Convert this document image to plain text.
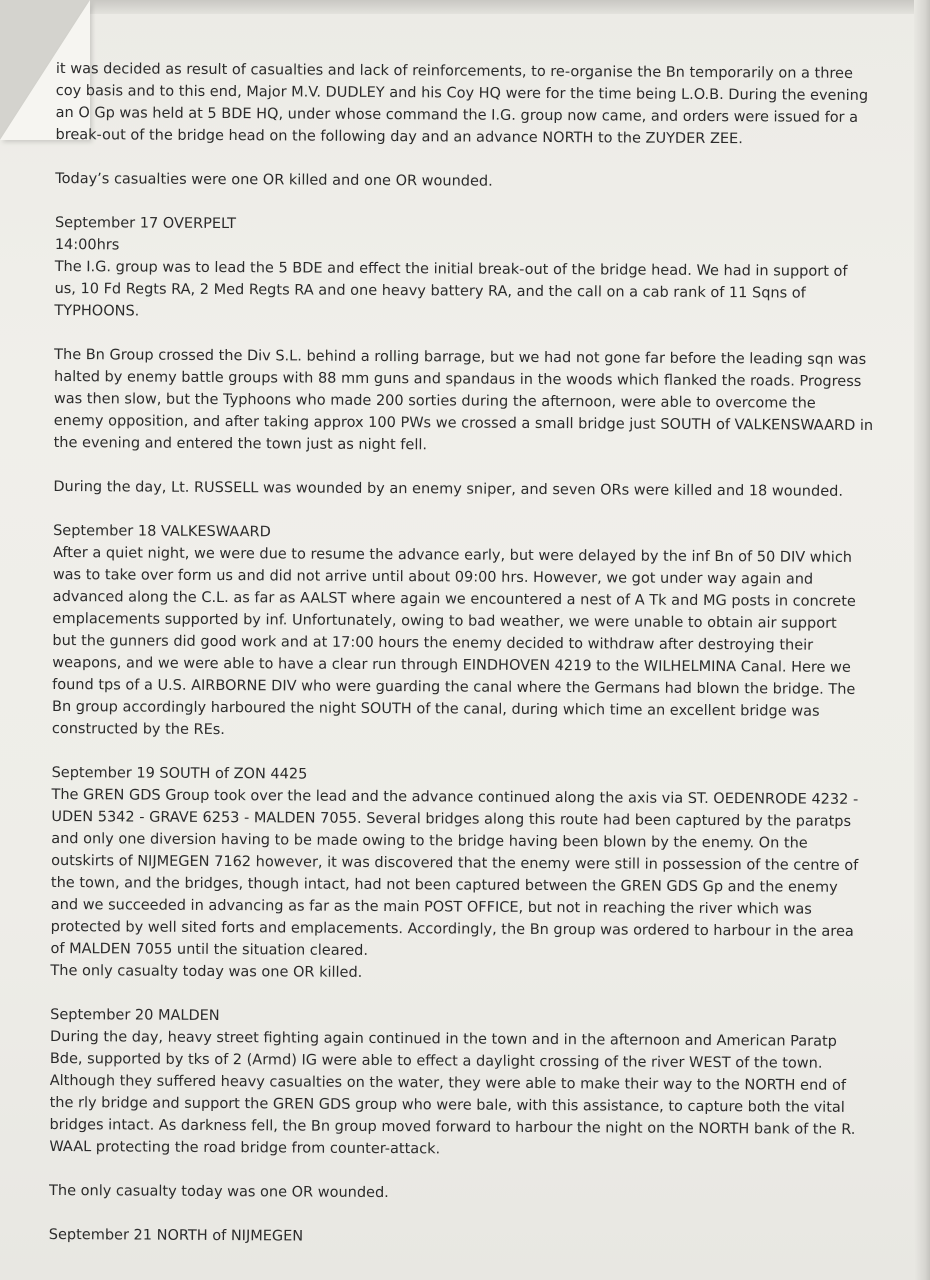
it was decided as result of casualties and lack of reinforcements, to re-organise the Bn temporarily on a three
coy basis and to this end, Major M.V. DUDLEY and his Coy HQ were for the time being L.O.B. During the evening
an O Gp was held at 5 BDE HQ, under whose command the I.G. group now came, and orders were issued for a
break-out of the bridge head on the following day and an advance NORTH to the ZUYDER ZEE.
Today’s casualties were one OR killed and one OR wounded.
September 17 OVERPELT
14:00hrs
The I.G. group was to lead the 5 BDE and effect the initial break-out of the bridge head. We had in support of
us, 10 Fd Regts RA, 2 Med Regts RA and one heavy battery RA, and the call on a cab rank of 11 Sqns of
TYPHOONS.
The Bn Group crossed the Div S.L. behind a rolling barrage, but we had not gone far before the leading sqn was
halted by enemy battle groups with 88 mm guns and spandaus in the woods which flanked the roads. Progress
was then slow, but the Typhoons who made 200 sorties during the afternoon, were able to overcome the
enemy opposition, and after taking approx 100 PWs we crossed a small bridge just SOUTH of VALKENSWAARD in
the evening and entered the town just as night fell.
During the day, Lt. RUSSELL was wounded by an enemy sniper, and seven ORs were killed and 18 wounded.
September 18 VALKESWAARD
After a quiet night, we were due to resume the advance early, but were delayed by the inf Bn of 50 DIV which
was to take over form us and did not arrive until about 09:00 hrs. However, we got under way again and
advanced along the C.L. as far as AALST where again we encountered a nest of A Tk and MG posts in concrete
emplacements supported by inf. Unfortunately, owing to bad weather, we were unable to obtain air support
but the gunners did good work and at 17:00 hours the enemy decided to withdraw after destroying their
weapons, and we were able to have a clear run through EINDHOVEN 4219 to the WILHELMINA Canal. Here we
found tps of a U.S. AIRBORNE DIV who were guarding the canal where the Germans had blown the bridge. The
Bn group accordingly harboured the night SOUTH of the canal, during which time an excellent bridge was
constructed by the REs.
September 19 SOUTH of ZON 4425
The GREN GDS Group took over the lead and the advance continued along the axis via ST. OEDENRODE 4232 -
UDEN 5342 - GRAVE 6253 - MALDEN 7055. Several bridges along this route had been captured by the paratps
and only one diversion having to be made owing to the bridge having been blown by the enemy. On the
outskirts of NIJMEGEN 7162 however, it was discovered that the enemy were still in possession of the centre of
the town, and the bridges, though intact, had not been captured between the GREN GDS Gp and the enemy
and we succeeded in advancing as far as the main POST OFFICE, but not in reaching the river which was
protected by well sited forts and emplacements. Accordingly, the Bn group was ordered to harbour in the area
of MALDEN 7055 until the situation cleared.
The only casualty today was one OR killed.
September 20 MALDEN
During the day, heavy street fighting again continued in the town and in the afternoon and American Paratp
Bde, supported by tks of 2 (Armd) IG were able to effect a daylight crossing of the river WEST of the town.
Although they suffered heavy casualties on the water, they were able to make their way to the NORTH end of
the rly bridge and support the GREN GDS group who were bale, with this assistance, to capture both the vital
bridges intact. As darkness fell, the Bn group moved forward to harbour the night on the NORTH bank of the R.
WAAL protecting the road bridge from counter-attack.
The only casualty today was one OR wounded.
September 21 NORTH of NIJMEGEN
